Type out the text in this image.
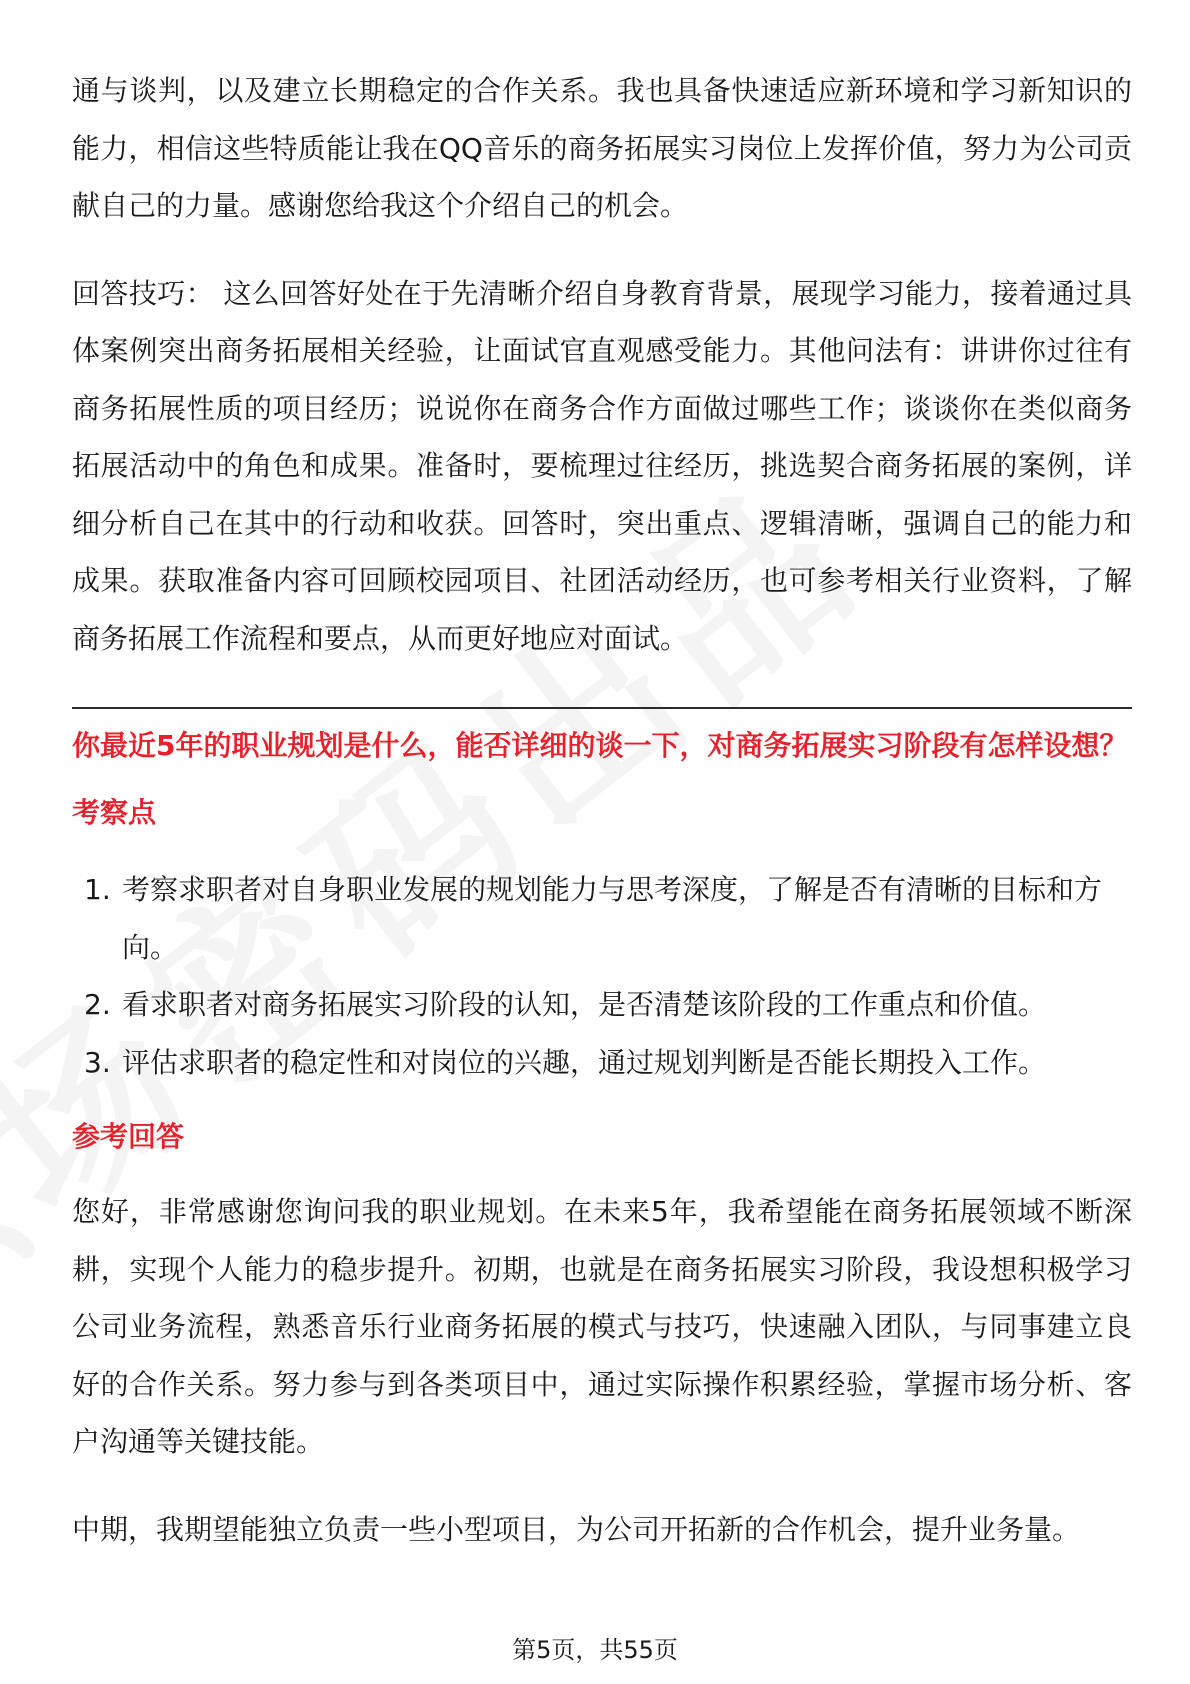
通与谈判，以及建立长期稳定的合作关系。我也具备快速适应新环境和学习新知识的能力，相信这些特质能让我在QQ音乐的商务拓展实习岗位上发挥价值，努力为公司贡献自己的力量。感谢您给我这个介绍自己的机会。

回答技巧： 这么回答好处在于先清晰介绍自身教育背景，展现学习能力，接着通过具体案例突出商务拓展相关经验，让面试官直观感受能力。其他问法有：讲讲你过往有商务拓展性质的项目经历；说说你在商务合作方面做过哪些工作；谈谈你在类似商务拓展活动中的角色和成果。准备时，要梳理过往经历，挑选契合商务拓展的案例，详细分析自己在其中的行动和收获。回答时，突出重点、逻辑清晰，强调自己的能力和成果。获取准备内容可回顾校园项目、社团活动经历，也可参考相关行业资料，了解商务拓展工作流程和要点，从而更好地应对面试。

你最近5年的职业规划是什么，能否详细的谈一下，对商务拓展实习阶段有怎样设想？

考察点
1. 考察求职者对自身职业发展的规划能力与思考深度，了解是否有清晰的目标和方向。
2. 看求职者对商务拓展实习阶段的认知，是否清楚该阶段的工作重点和价值。
3. 评估求职者的稳定性和对岗位的兴趣，通过规划判断是否能长期投入工作。
参考回答

您好，非常感谢您询问我的职业规划。在未来5年，我希望能在商务拓展领域不断深耕，实现个人能力的稳步提升。初期，也就是在商务拓展实习阶段，我设想积极学习公司业务流程，熟悉音乐行业商务拓展的模式与技巧，快速融入团队，与同事建立良好的合作关系。努力参与到各类项目中，通过实际操作积累经验，掌握市场分析、客户沟通等关键技能。

中期，我期望能独立负责一些小型项目，为公司开拓新的合作机会，提升业务量。

第5页，共55页
